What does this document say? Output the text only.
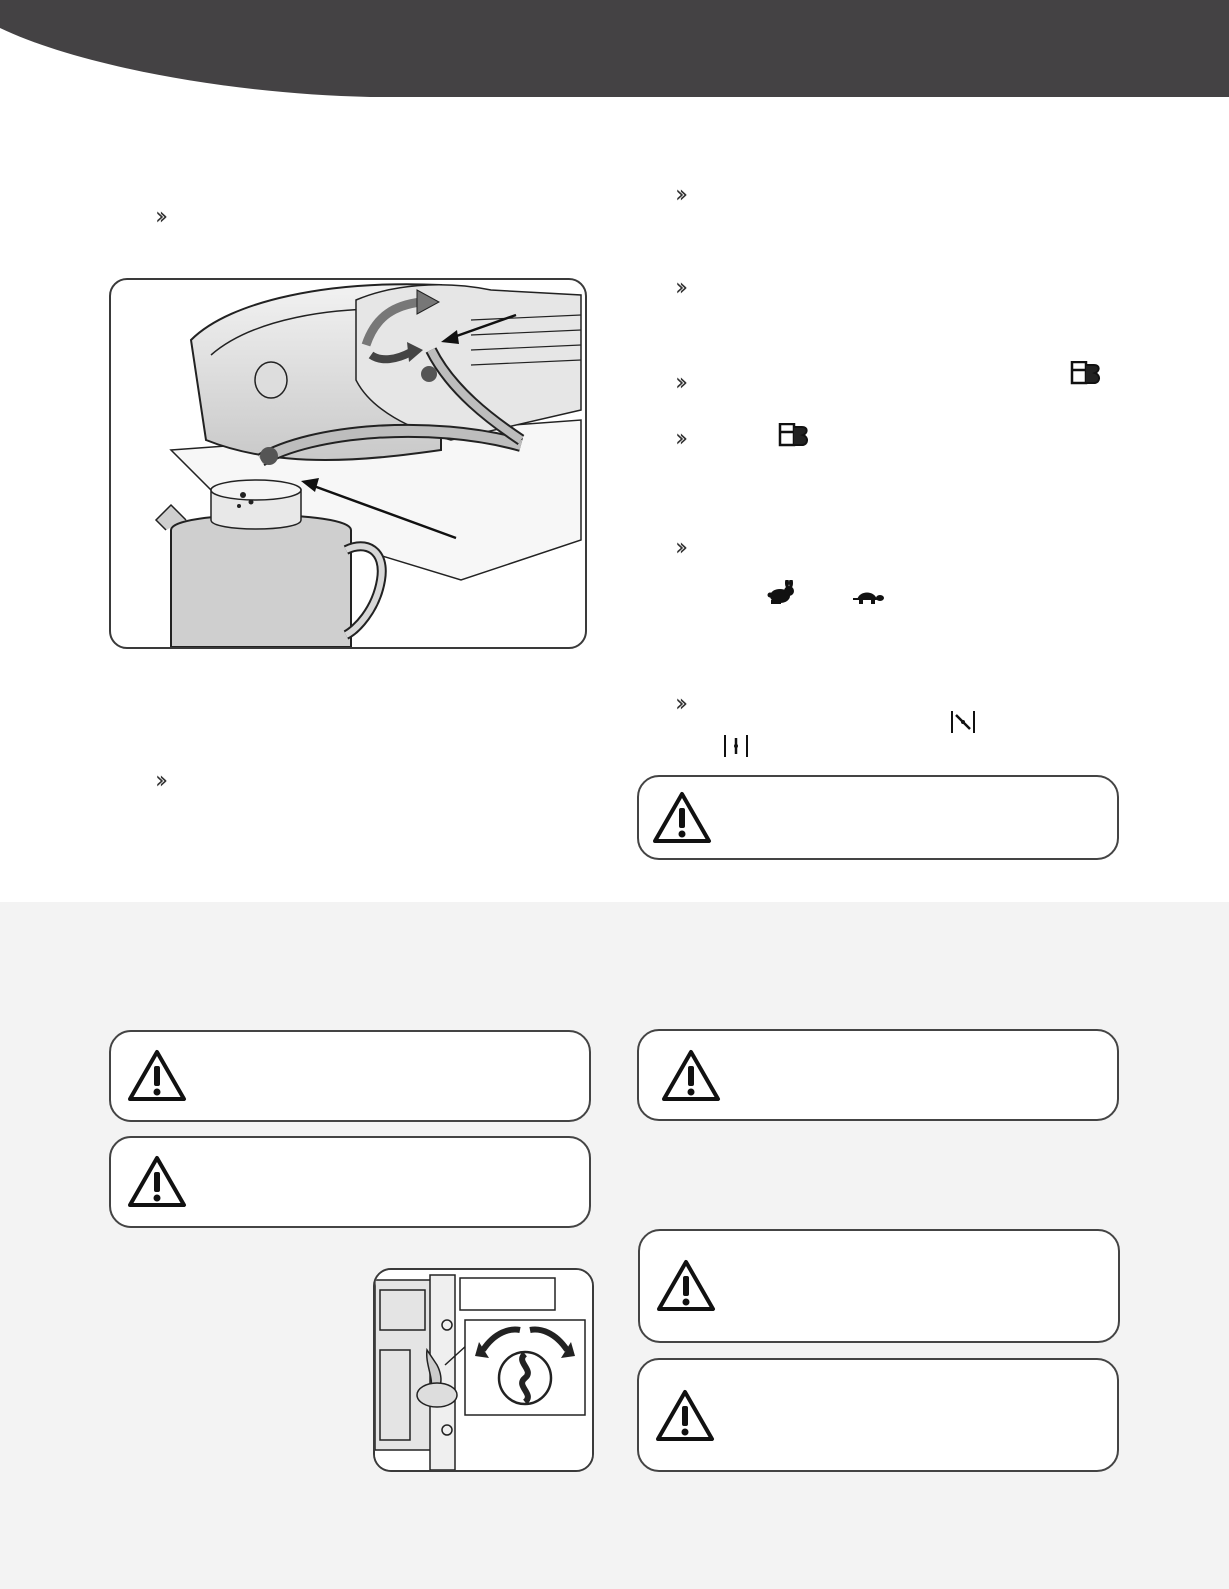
››
››
››
››
››
››
››
››
